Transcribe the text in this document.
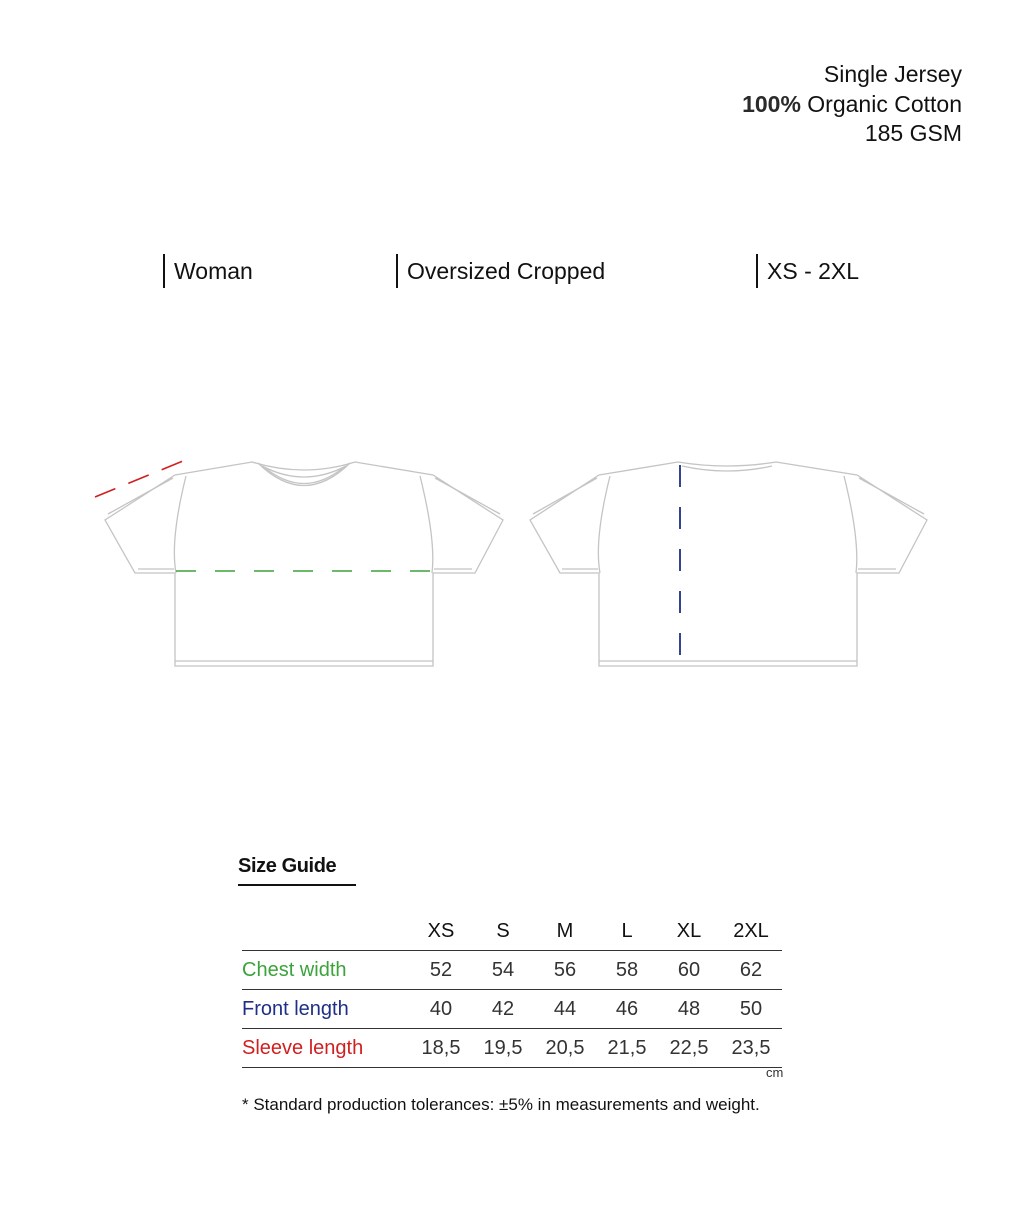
Single Jersey
100% Organic Cotton
185 GSM
Woman	Oversized Cropped	XS - 2XL
Size Guide
	XS	S	M	L	XL	2XL
Chest width	52	54	56	58	60	62
Front length	40	42	44	46	48	50
Sleeve length	18,5	19,5	20,5	21,5	22,5	23,5
cm
* Standard production tolerances: ±5% in measurements and weight.
